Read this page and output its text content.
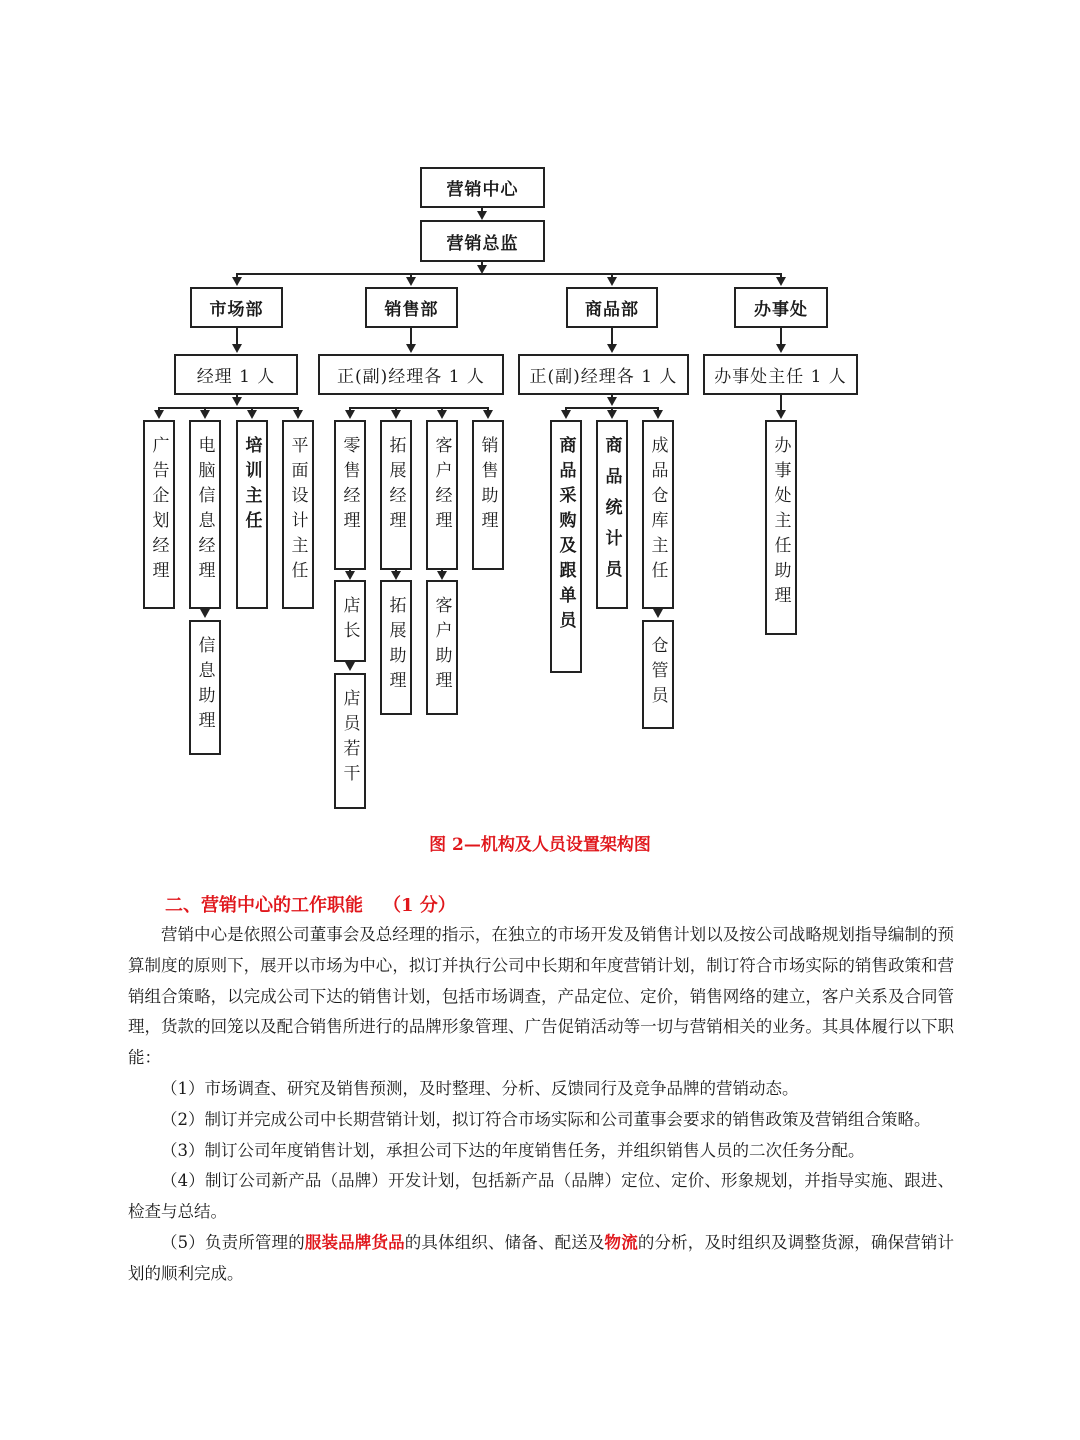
营销中心
营销总监
市场部	销售部	商品部	办事处
经理 1 人	正(副)经理各 1 人	正(副)经理各 1 人 办事处主任 1 人
广告企划经理 电脑信息经理 培训主任 平面设计主任
信息助理
零售经理 拓展经理 客户经理 销售助理
店长
店员若干
拓展助理 客户助理
商品采购及跟单员 商品统计员 成品仓库主任
仓管员
办事处主任助理
图 2—机构及人员设置架构图
二、营销中心的工作职能 （1 分）

营销中心是依照公司董事会及总经理的指示，在独立的市场开发及销售计划以及按公司战略规划指导编制的预算制度的原则下，展开以市场为中心，拟订并执行公司中长期和年度营销计划，制订符合市场实际的销售政策和营销组合策略，以完成公司下达的销售计划，包括市场调查，产品定位、定价，销售网络的建立，客户关系及合同管理，货款的回笼以及配合销售所进行的品牌形象管理、广告促销活动等一切与营销相关的业务。其具体履行以下职能：

（1）市场调查、研究及销售预测，及时整理、分析、反馈同行及竞争品牌的营销动态。

（2）制订并完成公司中长期营销计划，拟订符合市场实际和公司董事会要求的销售政策及营销组合策略。

（3）制订公司年度销售计划，承担公司下达的年度销售任务，并组织销售人员的二次任务分配。

（4）制订公司新产品（品牌）开发计划，包括新产品（品牌）定位、定价、形象规划，并指导实施、跟进、检查与总结。

（5）负责所管理的服装品牌货品的具体组织、储备、配送及物流的分析，及时组织及调整货源，确保营销计划的顺利完成。
